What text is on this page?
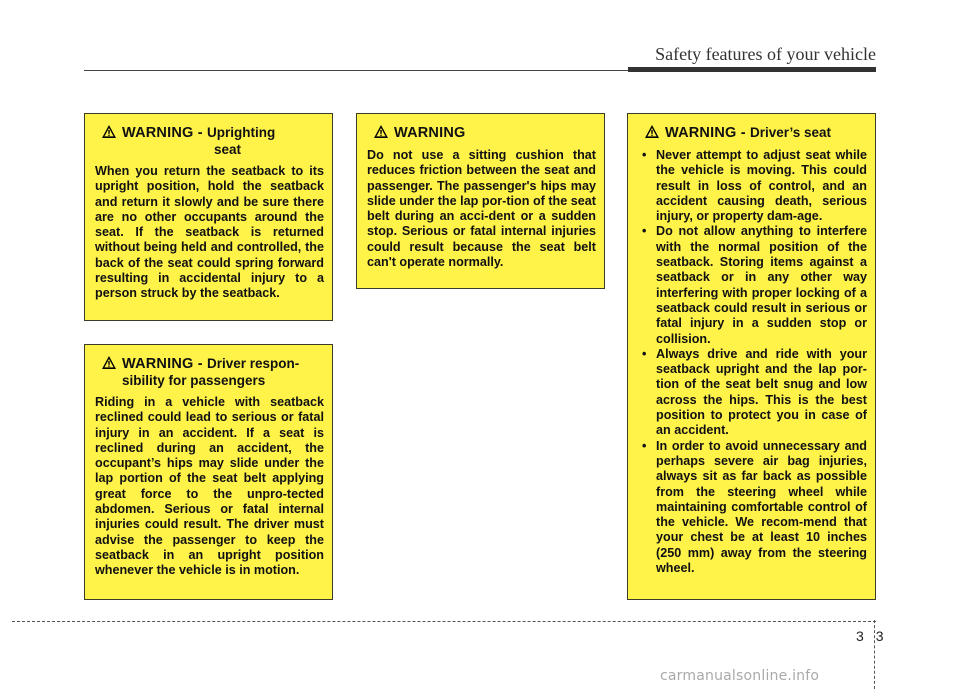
Safety features of your vehicle
WARNING - Uprighting
seat
When you return the seatback to its upright position, hold the seatback and return it slowly and be sure there are no other occupants around the seat. If the seatback is returned without being held and controlled, the back of the seat could spring forward resulting in accidental injury to a person struck by the seatback.
WARNING - Driver respon-
sibility for passengers
Riding in a vehicle with seatback reclined could lead to serious or fatal injury in an accident. If a seat is reclined during an accident, the occupant’s hips may slide under the lap portion of the seat belt applying great force to the unpro-tected abdomen. Serious or fatal internal injuries could result. The driver must advise the passenger to keep the seatback in an upright position whenever the vehicle is in motion.
WARNING
Do not use a sitting cushion that reduces friction between the seat and passenger. The passenger's hips may slide under the lap por-tion of the seat belt during an acci-dent or a sudden stop. Serious or fatal internal injuries could result because the seat belt can't operate normally.
WARNING - Driver’s seat
• Never attempt to adjust seat while the vehicle is moving. This could result in loss of control, and an accident causing death, serious injury, or property dam-age.
• Do not allow anything to interfere with the normal position of the seatback. Storing items against a seatback or in any other way interfering with proper locking of a seatback could result in serious or fatal injury in a sudden stop or collision.
• Always drive and ride with your seatback upright and the lap por-tion of the seat belt snug and low across the hips. This is the best position to protect you in case of an accident.
• In order to avoid unnecessary and perhaps severe air bag injuries, always sit as far back as possible from the steering wheel while maintaining comfortable control of the vehicle. We recom-mend that your chest be at least 10 inches (250 mm) away from the steering wheel.
33
carmanualsonline.info
